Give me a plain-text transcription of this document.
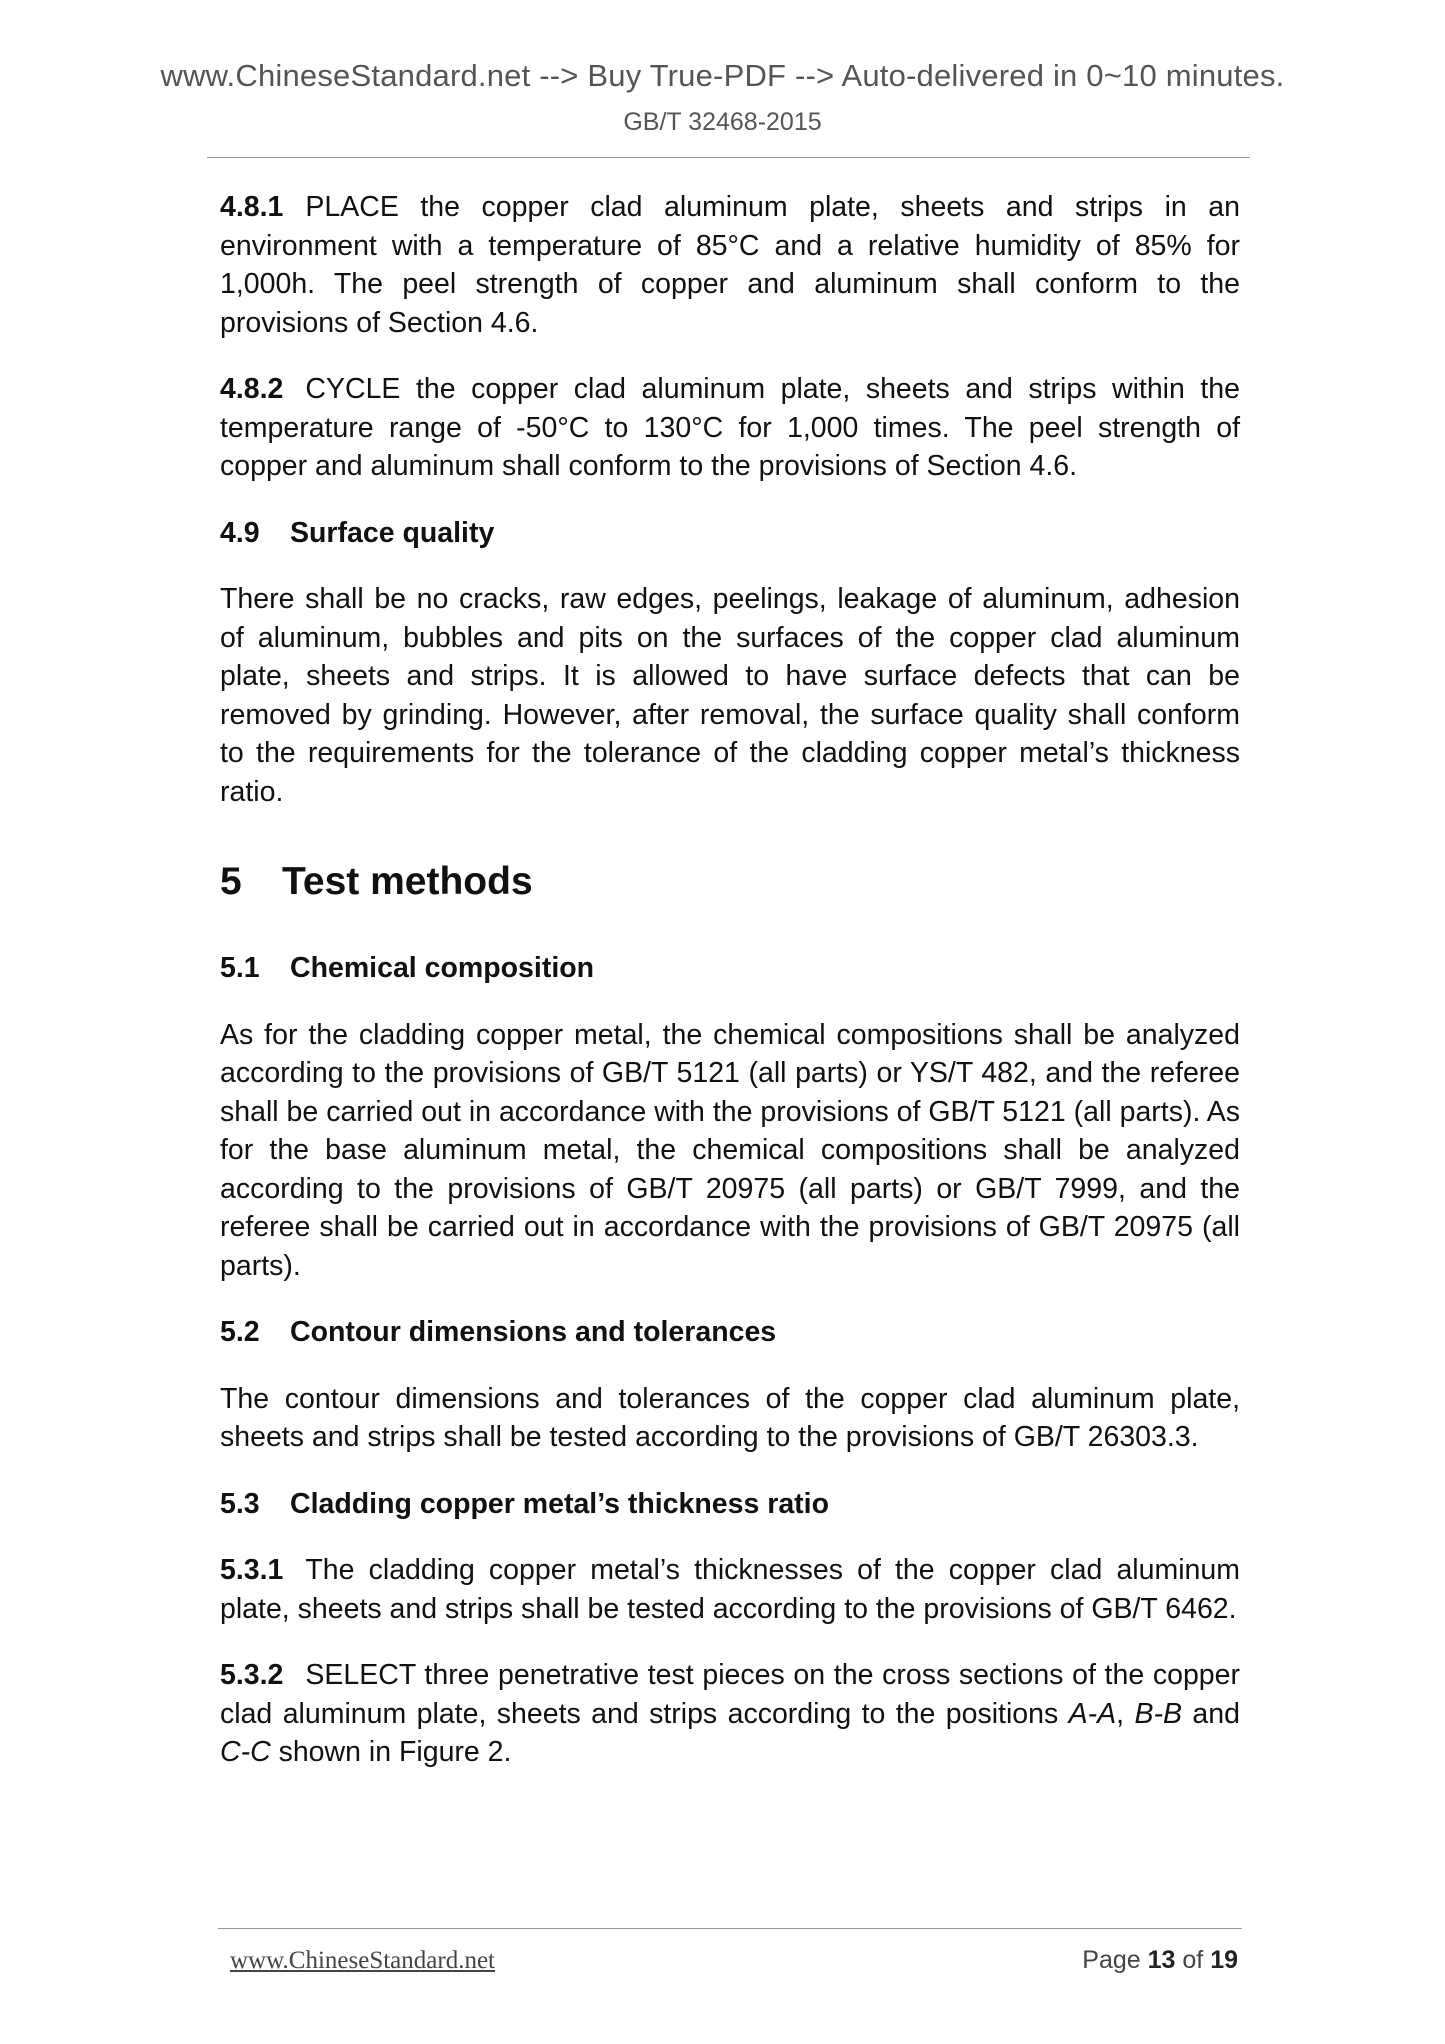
www.ChineseStandard.net --> Buy True-PDF --> Auto-delivered in 0~10 minutes.
GB/T 32468-2015

4.8.1 PLACE the copper clad aluminum plate, sheets and strips in an environment with a temperature of 85°C and a relative humidity of 85% for 1,000h. The peel strength of copper and aluminum shall conform to the provisions of Section 4.6.

4.8.2 CYCLE the copper clad aluminum plate, sheets and strips within the temperature range of -50°C to 130°C for 1,000 times. The peel strength of copper and aluminum shall conform to the provisions of Section 4.6.

4.9 Surface quality

There shall be no cracks, raw edges, peelings, leakage of aluminum, adhesion of aluminum, bubbles and pits on the surfaces of the copper clad aluminum plate, sheets and strips. It is allowed to have surface defects that can be removed by grinding. However, after removal, the surface quality shall conform to the requirements for the tolerance of the cladding copper metal’s thickness ratio.

5 Test methods
5.1 Chemical composition

As for the cladding copper metal, the chemical compositions shall be analyzed according to the provisions of GB/T 5121 (all parts) or YS/T 482, and the referee shall be carried out in accordance with the provisions of GB/T 5121 (all parts). As for the base aluminum metal, the chemical compositions shall be analyzed according to the provisions of GB/T 20975 (all parts) or GB/T 7999, and the referee shall be carried out in accordance with the provisions of GB/T 20975 (all parts).

5.2 Contour dimensions and tolerances

The contour dimensions and tolerances of the copper clad aluminum plate, sheets and strips shall be tested according to the provisions of GB/T 26303.3.

5.3 Cladding copper metal’s thickness ratio

5.3.1 The cladding copper metal’s thicknesses of the copper clad aluminum plate, sheets and strips shall be tested according to the provisions of GB/T 6462.

5.3.2 SELECT three penetrative test pieces on the cross sections of the copper clad aluminum plate, sheets and strips according to the positions A-A, B-B and C-C shown in Figure 2.

www.ChineseStandard.net	Page 13 of 19
